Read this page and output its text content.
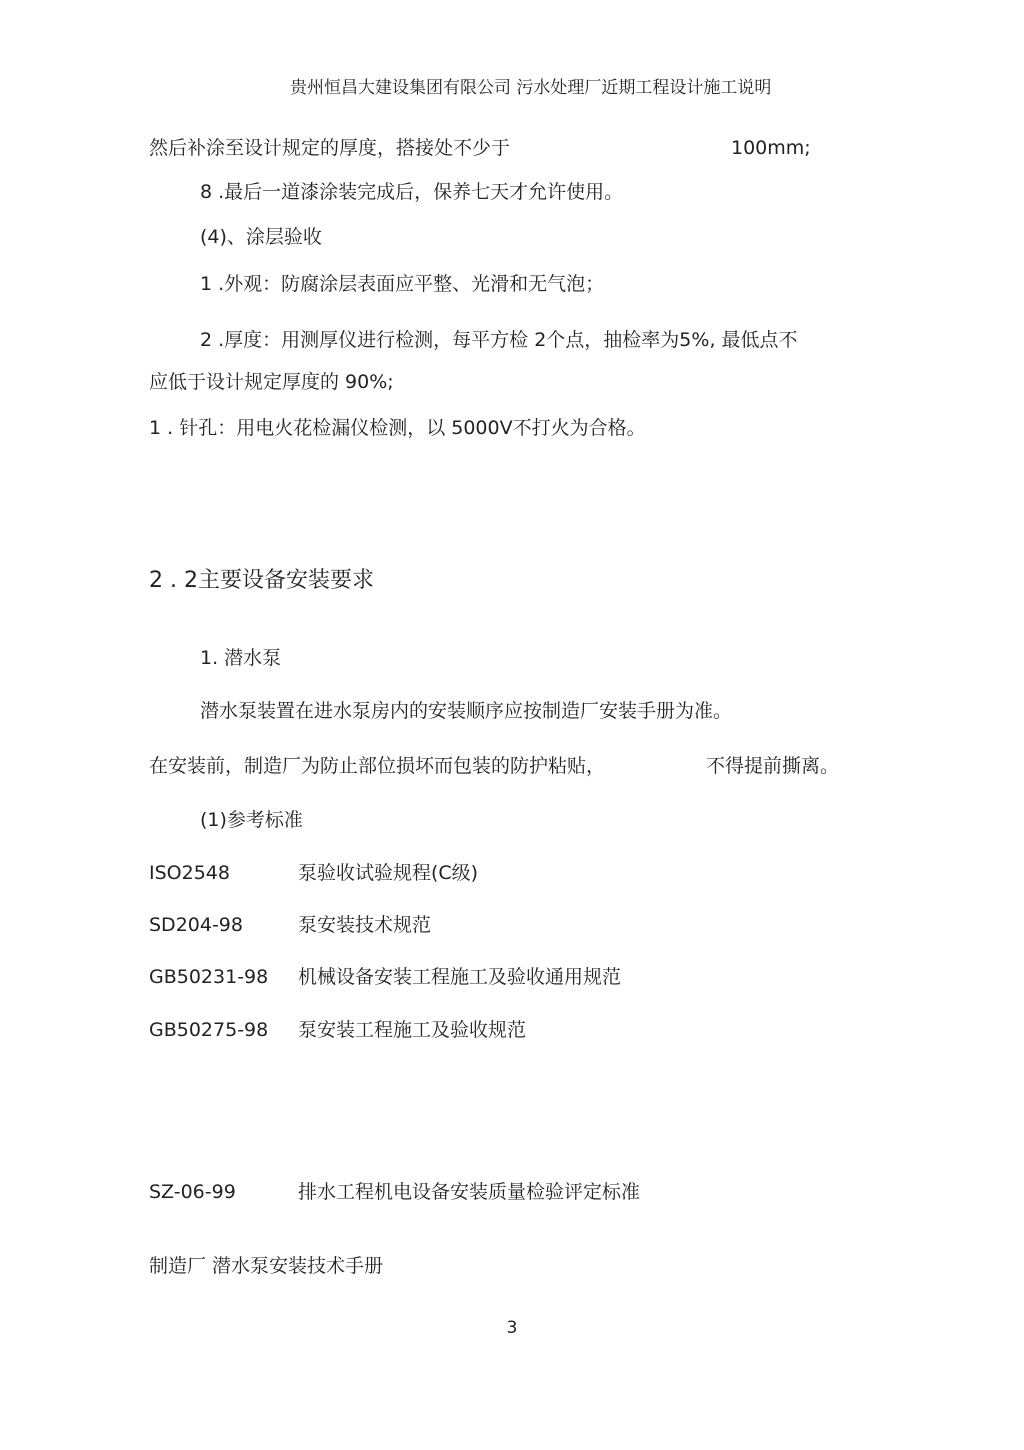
贵州恒昌大建设集团有限公司 污水处理厂近期工程设计施工说明
然后补涂至设计规定的厚度，搭接处不少于	100mm;
8 .最后一道漆涂装完成后，保养七天才允许使用。
(4)、涂层验收
1 .外观：防腐涂层表面应平整、光滑和无气泡；
2 .厚度：用测厚仪进行检测，每平方检 2个点，抽检率为5%, 最低点不
应低于设计规定厚度的 90%;
1 . 针孔：用电火花检漏仪检测，以 5000V不打火为合格。
2 . 2主要设备安装要求
1. 潜水泵
潜水泵装置在进水泵房内的安装顺序应按制造厂安装手册为准。
在安装前，制造厂为防止部位损坏而包装的防护粘贴，	不得提前撕离。
(1)参考标准
ISO2548	泵验收试验规程(C级)
SD204-98	泵安装技术规范
GB50231-98 机械设备安装工程施工及验收通用规范
GB50275-98 泵安装工程施工及验收规范
SZ-06-99	排水工程机电设备安装质量检验评定标准
制造厂 潜水泵安装技术手册
3
